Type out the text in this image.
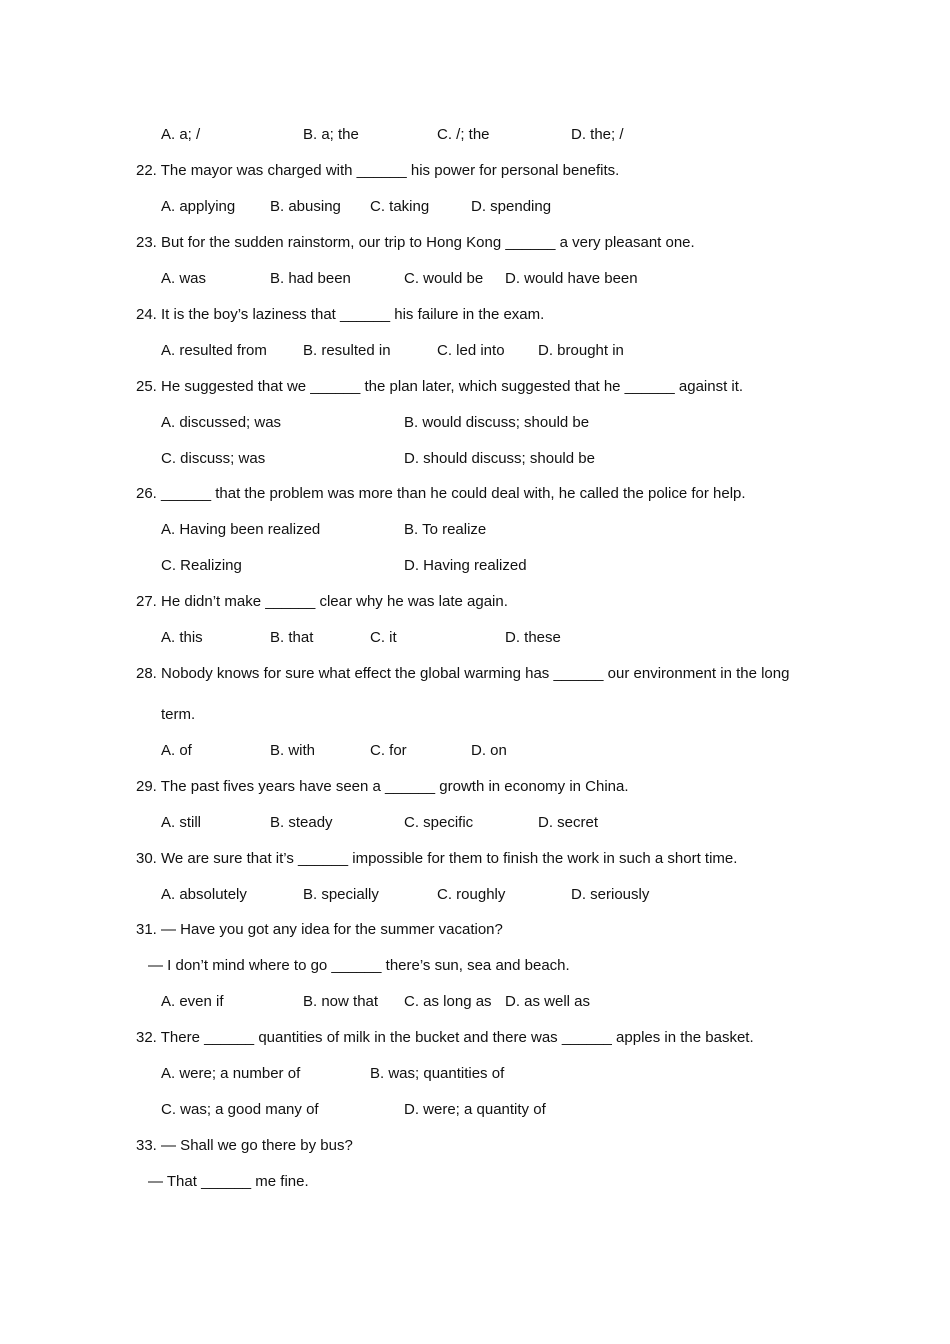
A. a; /	B. a; the	C. /; the	D. the; /
22. The mayor was charged with ______ his power for personal benefits.
A. applying B. abusing C. taking	D. spending
23. But for the sudden rainstorm, our trip to Hong Kong ______ a very pleasant one.
A. was	B. had been	C. would be D. would have been
24. It is the boy’s laziness that ______ his failure in the exam.
A. resulted from B. resulted in	C. led into D. brought in
25. He suggested that we ______ the plan later, which suggested that he ______ against it.
A. discussed; was	B. would discuss; should be
C. discuss; was	D. should discuss; should be
26. ______ that the problem was more than he could deal with, he called the police for help.
A. Having been realized	B. To realize
C. Realizing	D. Having realized
27. He didn’t make ______ clear why he was late again.
A. this	B. that	C. it	D. these
28. Nobody knows for sure what effect the global warming has ______ our environment in the long
term.
A. of	B. with	C. for	D. on
29. The past fives years have seen a ______ growth in economy in China.
A. still	B. steady	C. specific	D. secret
30. We are sure that it’s ______ impossible for them to finish the work in such a short time.
A. absolutely	B. specially	C. roughly	D. seriously
31. — Have you got any idea for the summer vacation?
— I don’t mind where to go ______ there’s sun, sea and beach.
A. even if	B. now that C. as long as D. as well as
32. There ______ quantities of milk in the bucket and there was ______ apples in the basket.
A. were; a number of	B. was; quantities of
C. was; a good many of	D. were; a quantity of
33. — Shall we go there by bus?
— That ______ me fine.
